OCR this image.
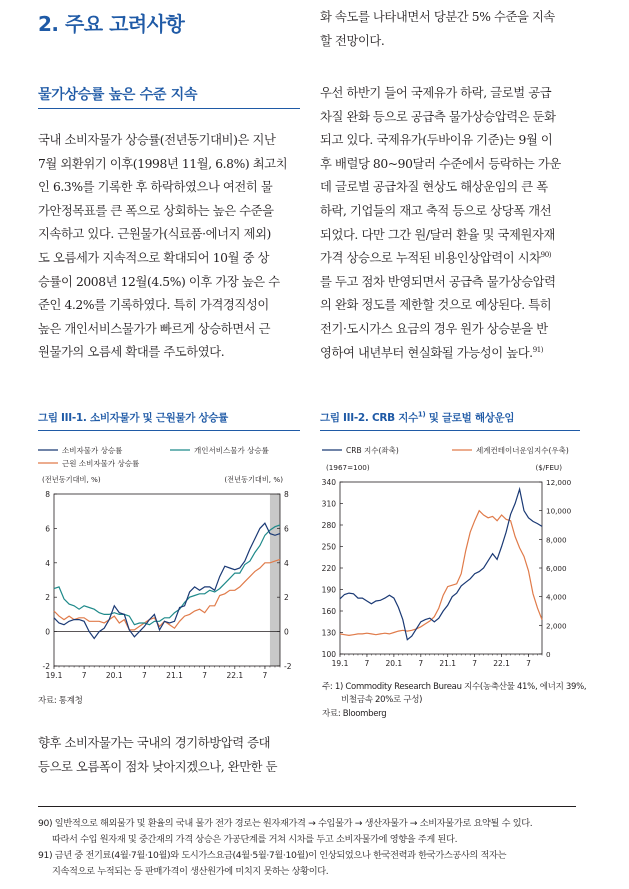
2. 주요 고려사항
물가상승률 높은 수준 지속
국내 소비자물가 상승률(전년동기대비)은 지난
7월 외환위기 이후(1998년 11월, 6.8%) 최고치
인 6.3%를 기록한 후 하락하였으나 여전히 물
가안정목표를 큰 폭으로 상회하는 높은 수준을
지속하고 있다. 근원물가(식료품·에너지 제외)
도 오름세가 지속적으로 확대되어 10월 중 상
승률이 2008년 12월(4.5%) 이후 가장 높은 수
준인 4.2%를 기록하였다. 특히 가격경직성이
높은 개인서비스물가가 빠르게 상승하면서 근
원물가의 오름세 확대를 주도하였다.
화 속도를 나타내면서 당분간 5% 수준을 지속
할 전망이다.
우선 하반기 들어 국제유가 하락, 글로벌 공급
차질 완화 등으로 공급측 물가상승압력은 둔화
되고 있다. 국제유가(두바이유 기준)는 9월 이
후 배럴당 80~90달러 수준에서 등락하는 가운
데 글로벌 공급차질 현상도 해상운임의 큰 폭
하락, 기업들의 재고 축적 등으로 상당폭 개선
되었다. 다만 그간 원/달러 환율 및 국제원자재
가격 상승으로 누적된 비용인상압력이 시차$^{90)}$
를 두고 점차 반영되면서 공급측 물가상승압력
의 완화 정도를 제한할 것으로 예상된다. 특히
전기·도시가스 요금의 경우 원가 상승분을 반
영하여 내년부터 현실화될 가능성이 높다.$^{91)}$
그림 III-1. 소비자물가 및 근원물가 상승률
소비자물가 상승률	개인서비스물가 상승률
근원 소비자물가 상승률
(전년동기대비, %)	(전년동기대비, %)
-2	-2
0	0
2	2
4	4
6	6
8	8
19.1	7	20.1	7	21.1	7	22.1	7
자료: 통계청
그림 III-2. CRB 지수$^{1)}$ 및 글로벌 해상운임
CRB 지수(좌축)	세계컨테이너운임지수(우축)
(1967=100)	($/FEU)
100
130
160
190
220
250
280
310
340
0
2,000
4,000
6,000
8,000
10,000
12,000
19.1 7 20.1 7 21.1 7 22.1 7
주: 1) Commodity Research Bureau 지수(농축산물 41%, 에너지 39%,
비철금속 20%로 구성)
자료: Bloomberg
향후 소비자물가는 국내의 경기하방압력 증대
등으로 오름폭이 점차 낮아지겠으나, 완만한 둔
90) 일반적으로 해외물가 및 환율의 국내 물가 전가 경로는 원자재가격 → 수입물가 → 생산자물가 → 소비자물가로 요약될 수 있다.
따라서 수입 원자재 및 중간재의 가격 상승은 가공단계를 거쳐 시차를 두고 소비자물가에 영향을 주게 된다.
91) 금년 중 전기료(4월·7월·10월)와 도시가스요금(4월·5월·7월·10월)이 인상되었으나 한국전력과 한국가스공사의 적자는
지속적으로 누적되는 등 판매가격이 생산원가에 미치지 못하는 상황이다.
